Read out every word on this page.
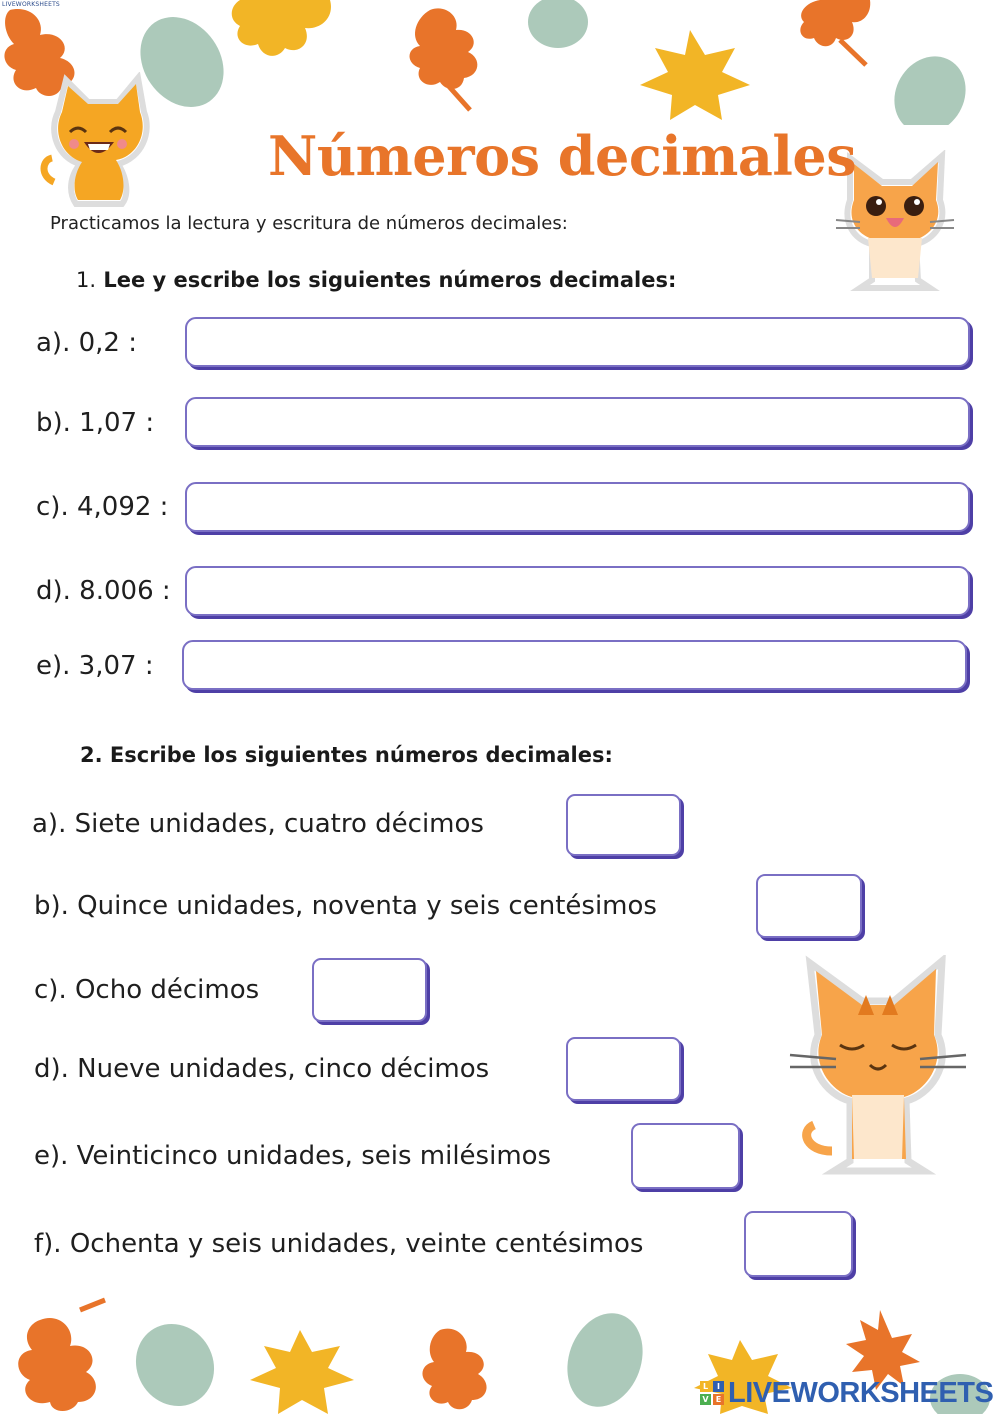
LIVEWORKSHEETS
Números decimales
Practicamos la lectura y escritura de números decimales:
1. Lee y escribe los siguientes números decimales:
a). 0,2 :
b). 1,07 :
c). 4,092 :
d). 8.006 :
e). 3,07 :
2. Escribe los siguientes números decimales:
a). Siete unidades, cuatro décimos
b). Quince unidades, noventa y seis centésimos
c). Ocho décimos
d). Nueve unidades, cinco décimos
e). Veinticinco unidades, seis milésimos
f). Ochenta y seis unidades, veinte centésimos
L	I
V E LIVEWORKSHEETS
